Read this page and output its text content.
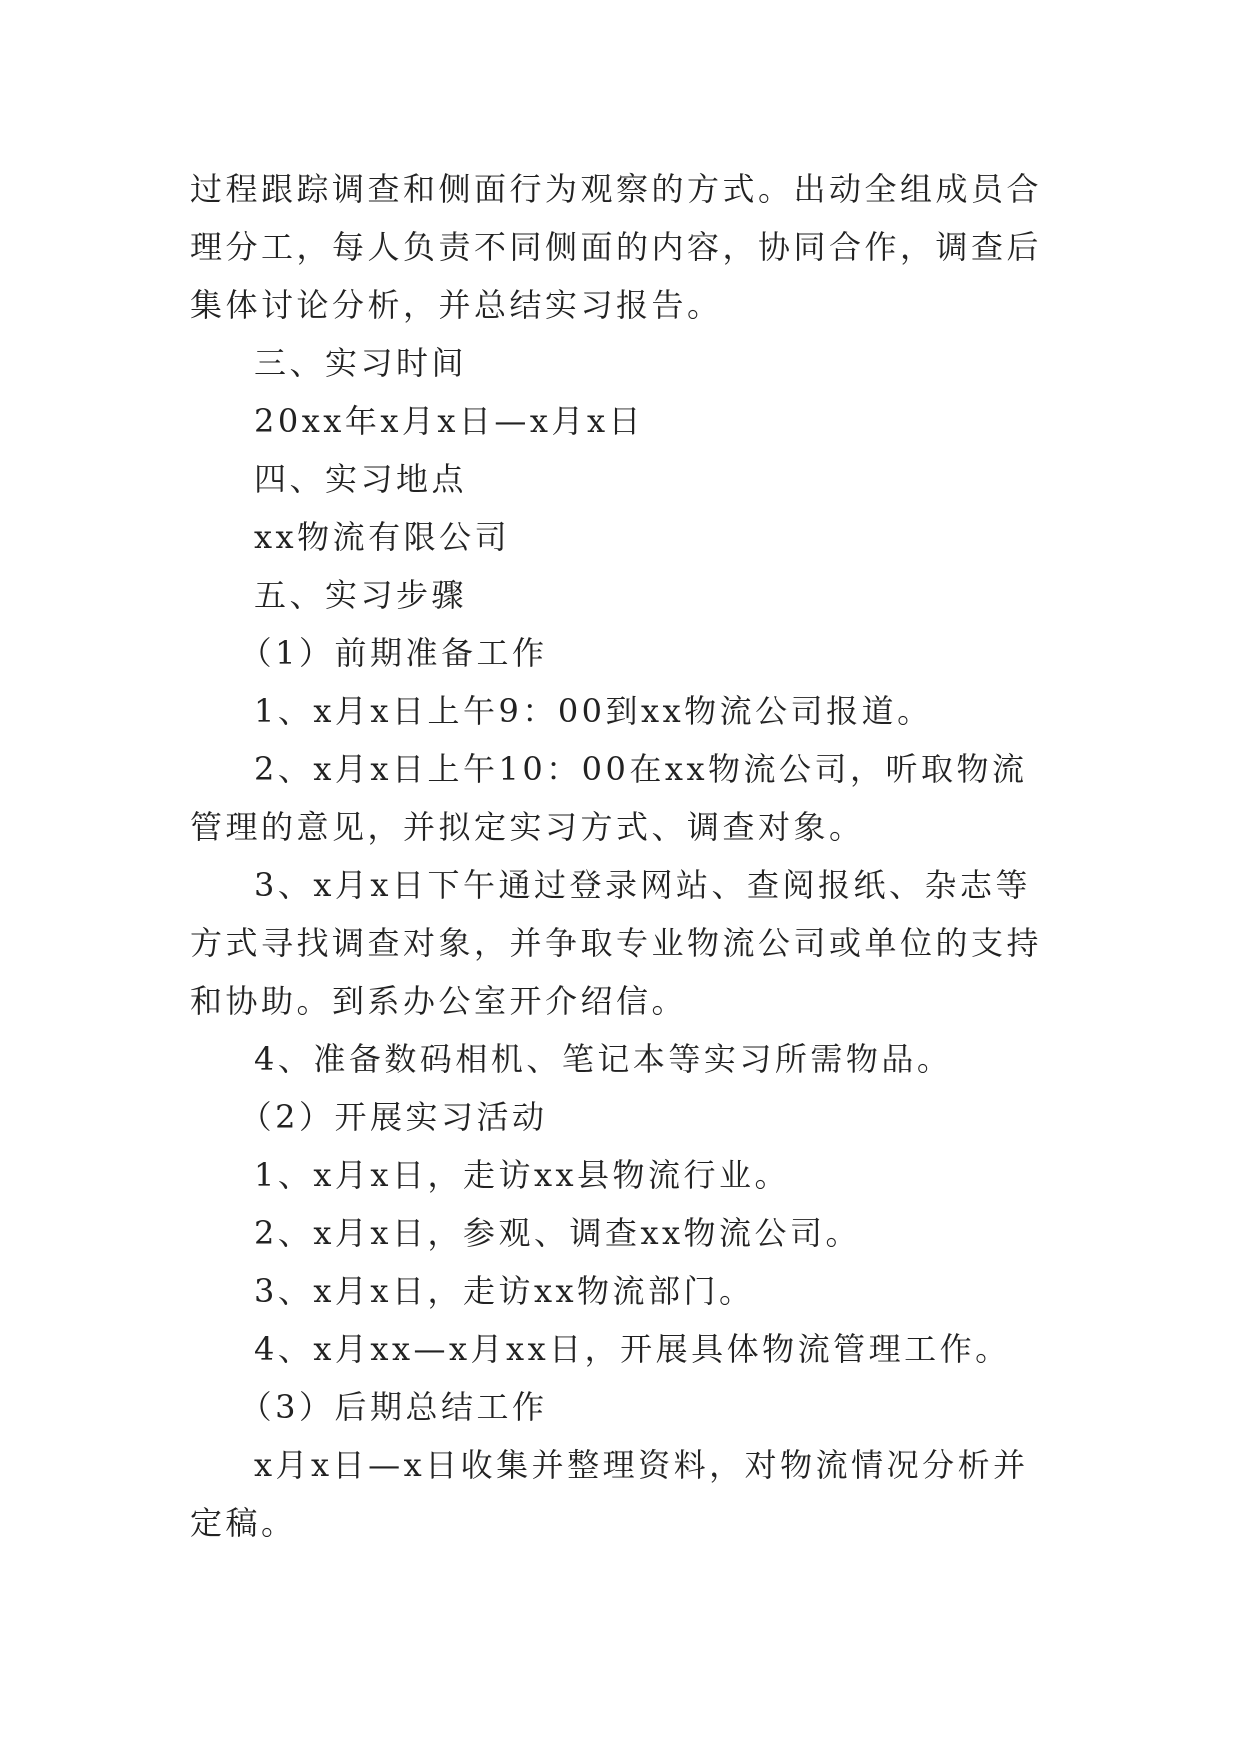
过程跟踪调查和侧面行为观察的方式。出动全组成员合理分工，每人负责不同侧面的内容，协同合作，调查后集体讨论分析，并总结实习报告。

三、实习时间

20xx年x月x日—x月x日

四、实习地点

xx物流有限公司

五、实习步骤

（1）前期准备工作

1、x月x日上午9：00到xx物流公司报道。

2、x月x日上午10：00在xx物流公司，听取物流管理的意见，并拟定实习方式、调查对象。

3、x月x日下午通过登录网站、查阅报纸、杂志等方式寻找调查对象，并争取专业物流公司或单位的支持和协助。到系办公室开介绍信。

4、准备数码相机、笔记本等实习所需物品。

（2）开展实习活动

1、x月x日，走访xx县物流行业。

2、x月x日，参观、调查xx物流公司。

3、x月x日，走访xx物流部门。

4、x月xx—x月xx日，开展具体物流管理工作。

（3）后期总结工作

x月x日—x日收集并整理资料，对物流情况分析并定稿。
